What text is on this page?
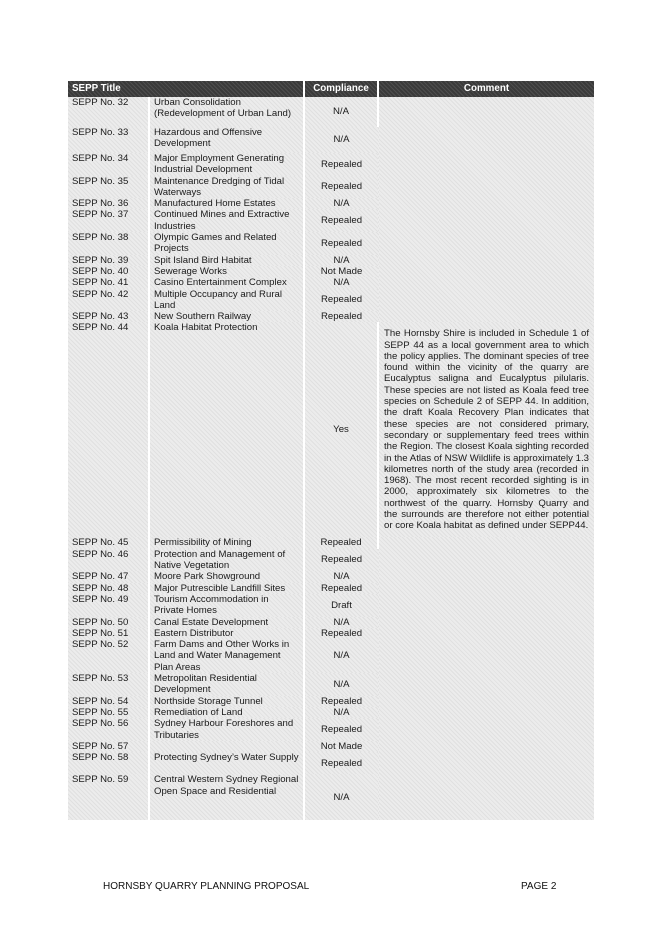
SEPP Title		Compliance	Comment
SEPP No. 32	Urban Consolidation (Redevelopment of Urban Land)	N/A	
SEPP No. 33	Hazardous and Offensive Development	N/A	
SEPP No. 34	Major Employment Generating Industrial Development	Repealed	
SEPP No. 35	Maintenance Dredging of Tidal Waterways	Repealed	
SEPP No. 36	Manufactured Home Estates	N/A	
SEPP No. 37	Continued Mines and Extractive Industries	Repealed	
SEPP No. 38	Olympic Games and Related Projects	Repealed	
SEPP No. 39	Spit Island Bird Habitat	N/A	
SEPP No. 40	Sewerage Works	Not Made	
SEPP No. 41	Casino Entertainment Complex	N/A	
SEPP No. 42	Multiple Occupancy and Rural Land	Repealed	
SEPP No. 43	New Southern Railway	Repealed	
SEPP No. 44	Koala Habitat Protection	Yes	The Hornsby Shire is included in Schedule 1 of SEPP 44 as a local government area to which the policy applies. The dominant species of tree found within the vicinity of the quarry are Eucalyptus saligna and Eucalyptus pilularis. These species are not listed as Koala feed tree species on Schedule 2 of SEPP 44. In addition, the draft Koala Recovery Plan indicates that these species are not considered primary, secondary or supplementary feed trees within the Region. The closest Koala sighting recorded in the Atlas of NSW Wildlife is approximately 1.3 kilometres north of the study area (recorded in 1968). The most recent recorded sighting is in 2000, approximately six kilometres to the northwest of the quarry. Hornsby Quarry and the surrounds are therefore not either potential or core Koala habitat as defined under SEPP44.
SEPP No. 45	Permissibility of Mining	Repealed	
SEPP No. 46	Protection and Management of Native Vegetation	Repealed	
SEPP No. 47	Moore Park Showground	N/A	
SEPP No. 48	Major Putrescible Landfill Sites	Repealed	
SEPP No. 49	Tourism Accommodation in Private Homes	Draft	
SEPP No. 50	Canal Estate Development	N/A	
SEPP No. 51	Eastern Distributor	Repealed	
SEPP No. 52	Farm Dams and Other Works in Land and Water Management Plan Areas	N/A	
SEPP No. 53	Metropolitan Residential Development	N/A	
SEPP No. 54	Northside Storage Tunnel	Repealed	
SEPP No. 55	Remediation of Land	N/A	
SEPP No. 56	Sydney Harbour Foreshores and Tributaries	Repealed	
SEPP No. 57		Not Made	
SEPP No. 58	Protecting Sydney’s Water Supply	Repealed	
SEPP No. 59	Central Western Sydney Regional Open Space and Residential	N/A	
HORNSBY QUARRY PLANNING PROPOSAL	PAGE 2
